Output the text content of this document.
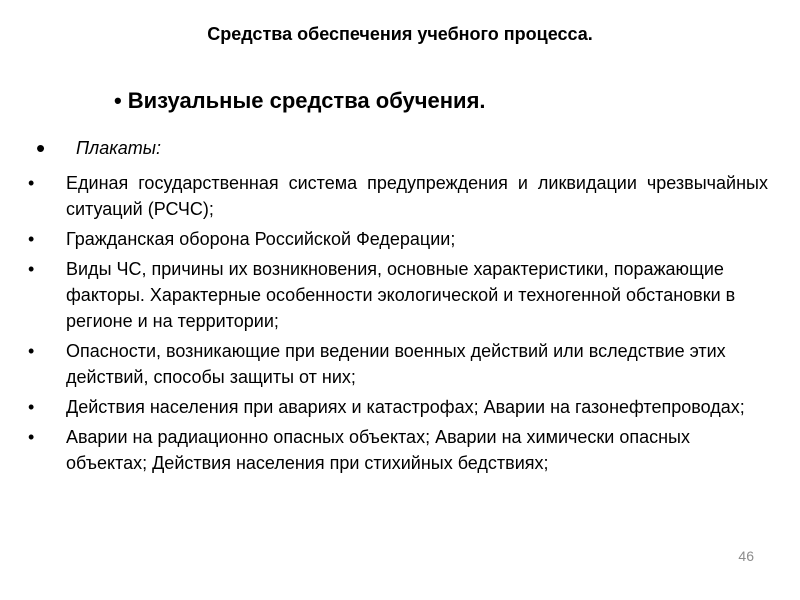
Средства обеспечения учебного процесса.
• Визуальные средства обучения.
• Плакаты:
• Единая государственная система предупреждения и ликвидации чрезвычайных ситуаций (РСЧС);
• Гражданская оборона Российской Федерации;
• Виды ЧС, причины их возникновения, основные характеристики, поражающие факторы. Характерные особенности экологической и техногенной обстановки в регионе и на территории;
• Опасности, возникающие при ведении военных действий или вследствие этих действий, способы защиты от них;
• Действия населения при авариях и катастрофах; Аварии на газонефтепроводах;
• Аварии на радиационно опасных объектах; Аварии на химически опасных объектах; Действия населения при стихийных бедствиях;
46
